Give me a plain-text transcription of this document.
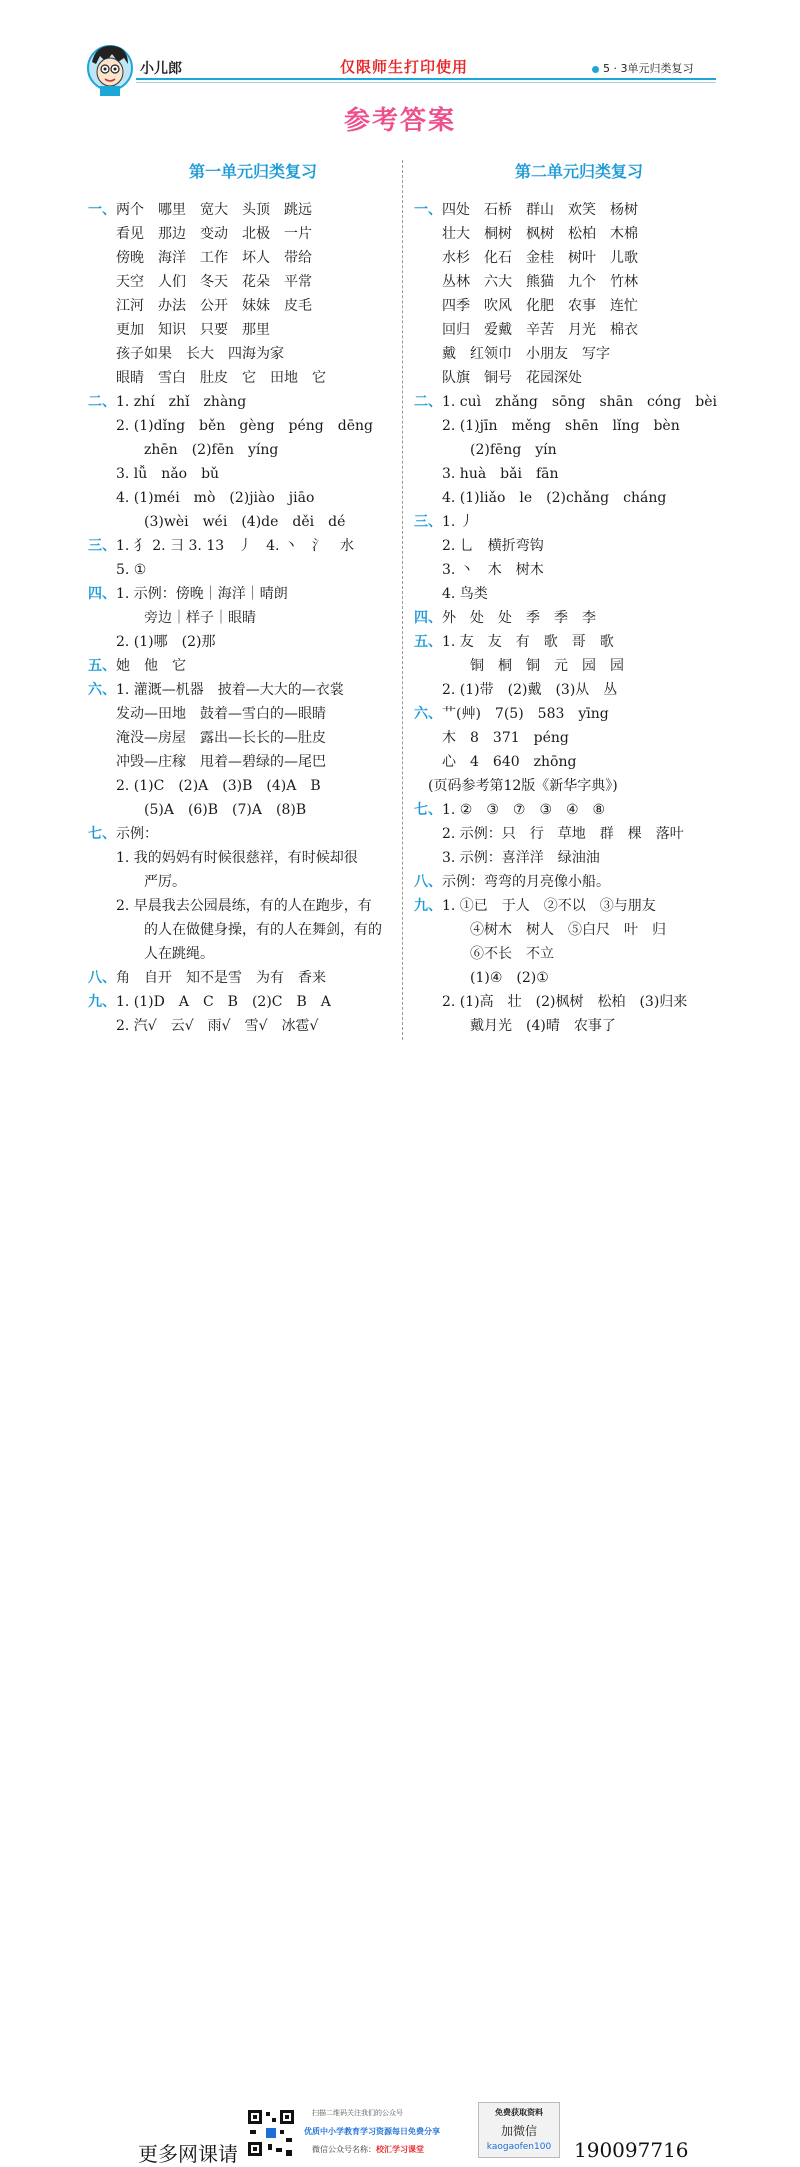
小儿郎	仅限师生打印使用	5 · 3单元归类复习
参考答案
第一单元归类复习
一、两个　哪里　宽大　头顶　跳远
看见　那边　变动　北极　一片
傍晚　海洋　工作　坏人　带给
天空　人们　冬天　花朵　平常
江河　办法　公开　妹妹　皮毛
更加　知识　只要　那里
孩子如果　长大　四海为家
眼睛　雪白　肚皮　它　田地　它
二、1. zhí　zhǐ　zhàng
2. (1)dǐng　běn　gèng　péng　dēng
zhēn　(2)fēn　yíng
3. lǚ　nǎo　bǔ
4. (1)méi　mò　(2)jiào　jiāo
(3)wèi　wéi　(4)de　děi　dé
三、1. 犭 2. ⺕ 3. 13　丿　4. 丶　氵　水
5. ①
四、1. 示例：傍晚｜海洋｜晴朗
旁边｜样子｜眼睛
2. (1)哪　(2)那
五、她　他　它
六、1. 灌溉—机器　披着—大大的—衣裳
发动—田地　鼓着—雪白的—眼睛
淹没—房屋　露出—长长的—肚皮
冲毁—庄稼　甩着—碧绿的—尾巴
2. (1)C　(2)A　(3)B　(4)A　B
(5)A　(6)B　(7)A　(8)B
七、示例：
1. 我的妈妈有时候很慈祥，有时候却很
严厉。
2. 早晨我去公园晨练，有的人在跑步，有
的人在做健身操，有的人在舞剑，有的
人在跳绳。
八、角　自开　知不是雪　为有　香来
九、1. (1)D　A　C　B　(2)C　B　A
2. 汽√　云√　雨√　雪√　冰雹√
第二单元归类复习
一、四处　石桥　群山　欢笑　杨树
壮大　桐树　枫树　松柏　木棉
水杉　化石　金桂　树叶　儿歌
丛林　六大　熊猫　九个　竹林
四季　吹风　化肥　农事　连忙
回归　爱戴　辛苦　月光　棉衣
戴　红领巾　小朋友　写字
队旗　铜号　花园深处
二、1. cuì　zhǎng　sōng　shān　cóng　bèi
2. (1)jīn　měng　shēn　lǐng　bèn
(2)fēng　yín
3. huà　bǎi　fān
4. (1)liǎo　le　(2)chǎng　cháng
三、1. 丿
2. 乚　横折弯钩
3. 丶　木　树木
4. 鸟类
四、外　处　处　季　季　李
五、1. 友　友　有　歌　哥　歌
铜　桐　铜　元　园　园
2. (1)带　(2)戴　(3)从　丛
六、艹(艸)　7(5)　583　yīng
木　8　371　péng
心　4　640　zhōng
(页码参考第12版《新华字典》)
七、1. ②　③　⑦　③　④　⑧
2. 示例：只　行　草地　群　棵　落叶
3. 示例：喜洋洋　绿油油
八、示例：弯弯的月亮像小船。
九、1. ①已　于人　②不以　③与朋友
④树木　树人　⑤白尺　叶　归
⑥不长　不立
(1)④　(2)①
2. (1)高　壮　(2)枫树　松柏　(3)归来
戴月光　(4)晴　农事了
更多网课请
扫描二维码关注我们的公众号
优质中小学教育学习资源每日免费分享
微信公众号名称：校汇学习课堂
免费获取资料
加微信
kaogaofen100	190097716
